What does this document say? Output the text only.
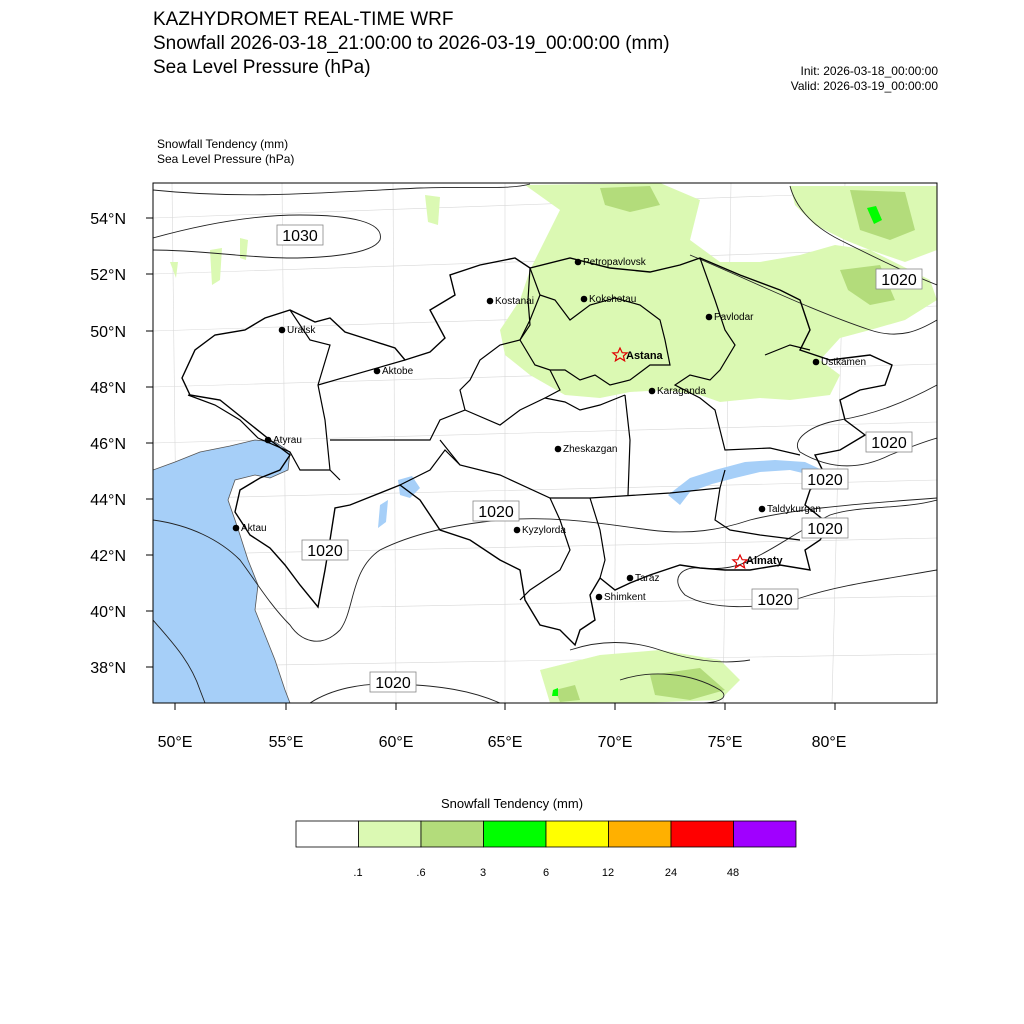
KAZHYDROMET REAL-TIME WRF
Snowfall 2026-03-18_21:00:00 to 2026-03-19_00:00:00 (mm)
Sea Level Pressure (hPa)	Init: 2026-03-18_00:00:00
Valid: 2026-03-19_00:00:00
Snowfall Tendency (mm)
Sea Level Pressure (hPa)
54°N
52°N
50°N
48°N
46°N
44°N
42°N
40°N
38°N
50°E	55°E	60°E	65°E	70°E	75°E	80°E
1030
1020
1020
1020
1020
1020
1020
1020
1020
Petropavlovsk
Kostanai	Kokshetau
Pavlodar
Uralsk
Astana
Aktobe
Ustkamen
Karaganda
Atyrau
Zheskazgan
Aktau	Kyzylorda
Taldykurgan
Almaty
Taraz
Shimkent
Snowfall Tendency (mm)
.1	.6	3	6	12	24	48
